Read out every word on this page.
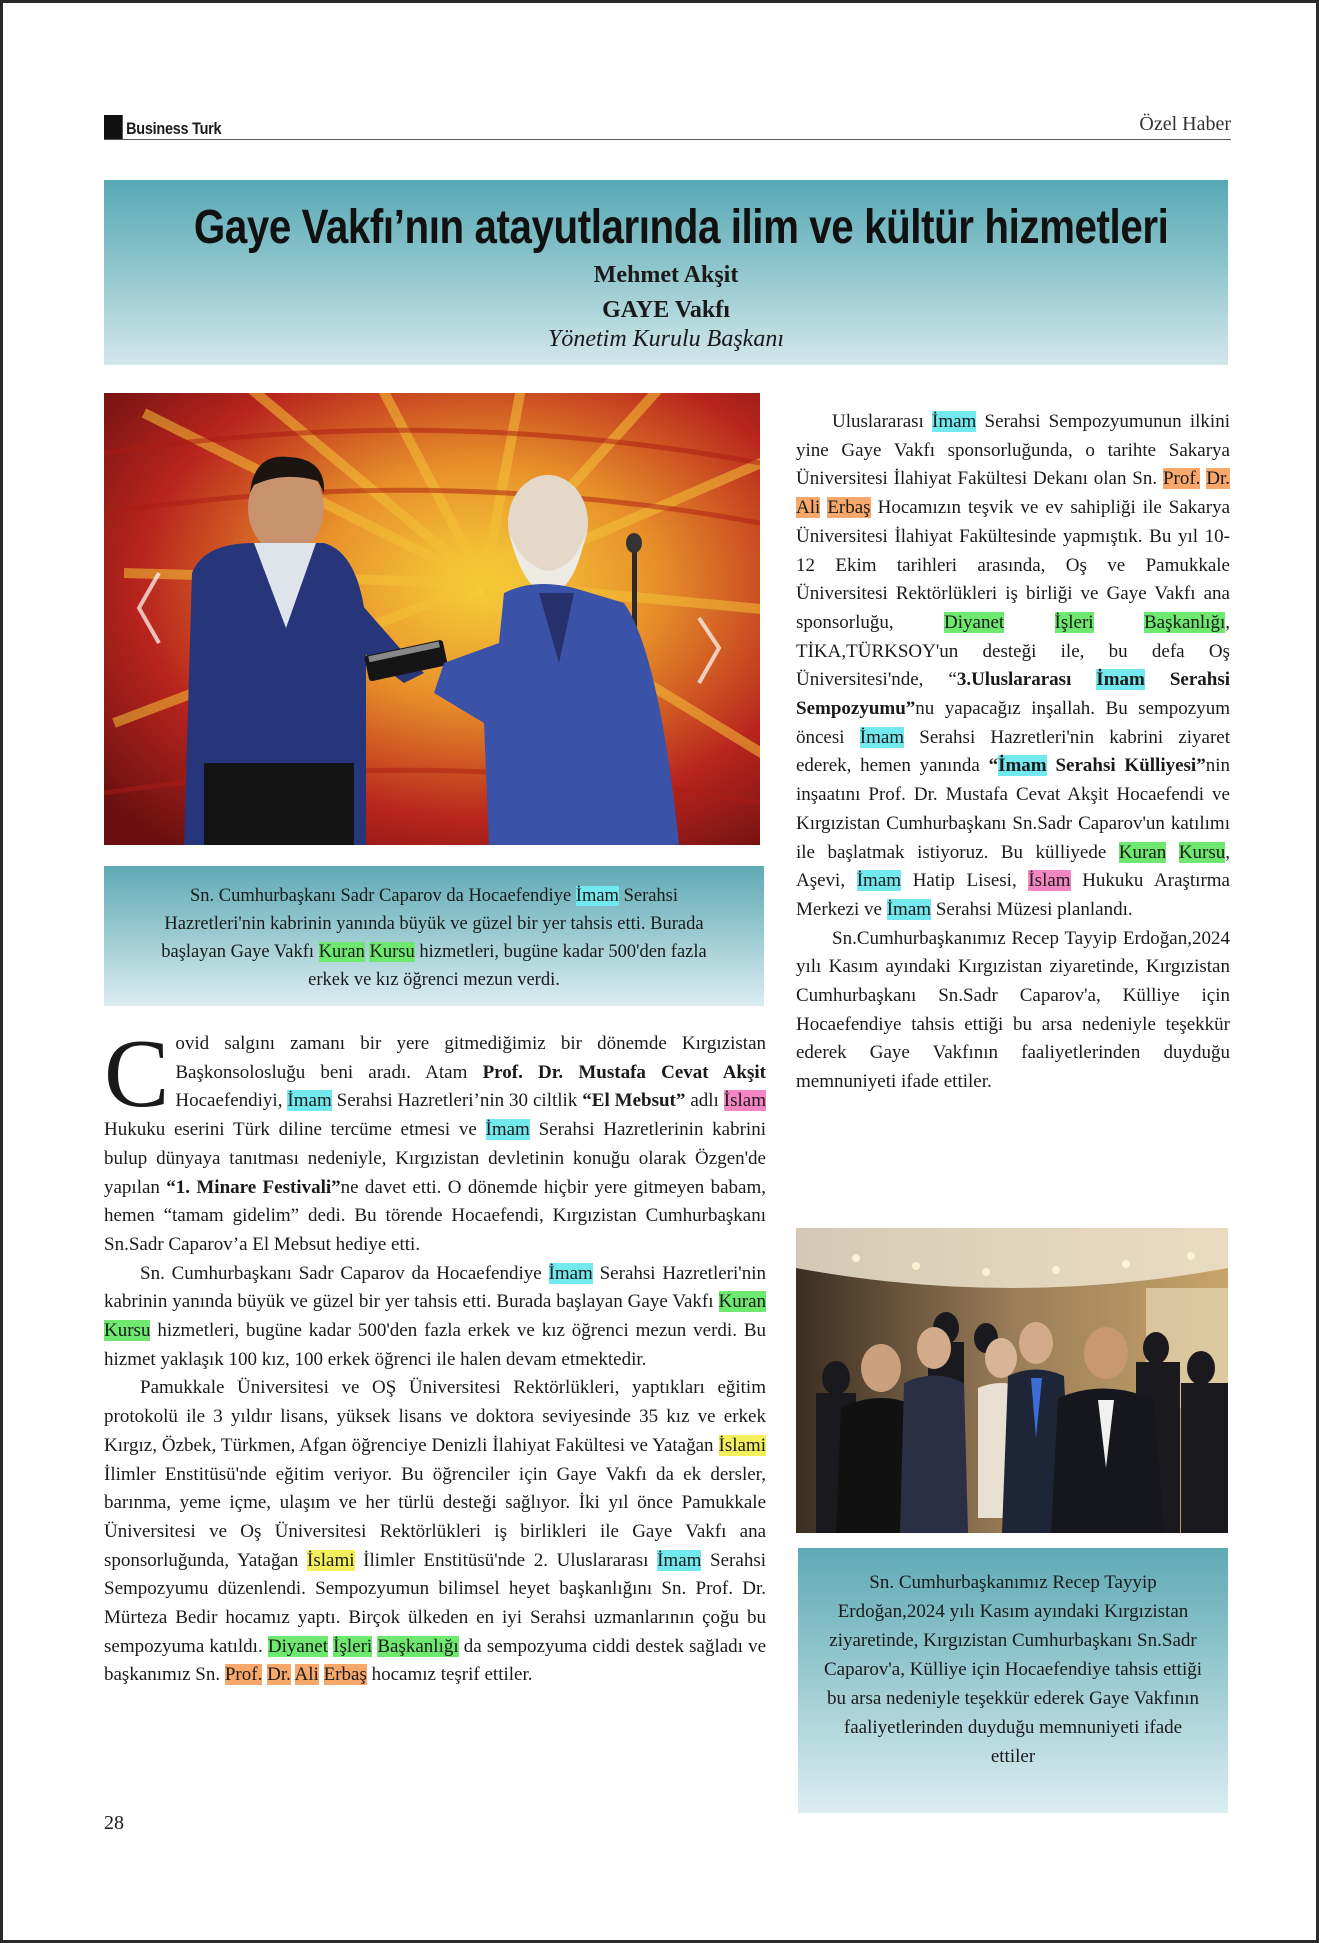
Business Turk	Özel Haber
Gaye Vakfı’nın atayutlarında ilim ve kültür hizmetleri
Mehmet Akşit
GAYE Vakfı
Yönetim Kurulu Başkanı
Sn. Cumhurbaşkanı Sadr Caparov da Hocaefendiye İmam Serahsi Hazretleri'nin kabrinin yanında büyük ve güzel bir yer tahsis etti. Burada başlayan Gaye Vakfı Kuran Kursu hizmetleri, bugüne kadar 500'den fazla erkek ve kız öğrenci mezun verdi.

Covid salgını zamanı bir yere gitmediğimiz bir dönemde Kırgızistan Başkonsolosluğu beni aradı. Atam Prof. Dr. Mustafa Cevat Akşit Hocaefendiyi, İmam Serahsi Hazretleri’nin 30 ciltlik “El Mebsut” adlı İslam Hukuku eserini Türk diline tercüme etmesi ve İmam Serahsi Hazretlerinin kabrini bulup dünyaya tanıtması nedeniyle, Kırgızistan devletinin konuğu olarak Özgen'de yapılan “1. Minare Festivali”ne davet etti. O dönemde hiçbir yere gitmeyen babam, hemen “tamam gidelim” dedi. Bu törende Hocaefendi, Kırgızistan Cumhurbaşkanı Sn.Sadr Caparov’a El Mebsut hediye etti.

Sn. Cumhurbaşkanı Sadr Caparov da Hocaefendiye İmam Serahsi Hazretleri'nin kabrinin yanında büyük ve güzel bir yer tahsis etti. Burada başlayan Gaye Vakfı Kuran Kursu hizmetleri, bugüne kadar 500'den fazla erkek ve kız öğrenci mezun verdi. Bu hizmet yaklaşık 100 kız, 100 erkek öğrenci ile halen devam etmektedir.

Pamukkale Üniversitesi ve OŞ Üniversitesi Rektörlükleri, yaptıkları eğitim protokolü ile 3 yıldır lisans, yüksek lisans ve doktora seviyesinde 35 kız ve erkek Kırgız, Özbek, Türkmen, Afgan öğrenciye Denizli İlahiyat Fakültesi ve Yatağan İslami İlimler Enstitüsü'nde eğitim veriyor. Bu öğrenciler için Gaye Vakfı da ek dersler, barınma, yeme içme, ulaşım ve her türlü desteği sağlıyor. İki yıl önce Pamukkale Üniversitesi ve Oş Üniversitesi Rektörlükleri iş birlikleri ile Gaye Vakfı ana sponsorluğunda, Yatağan İslami İlimler Enstitüsü'nde 2. Uluslararası İmam Serahsi Sempozyumu düzenlendi. Sempozyumun bilimsel heyet başkanlığını Sn. Prof. Dr. Mürteza Bedir hocamız yaptı. Birçok ülkeden en iyi Serahsi uzmanlarının çoğu bu sempozyuma katıldı. Diyanet İşleri Başkanlığı da sempozyuma ciddi destek sağladı ve başkanımız Sn. Prof. Dr. Ali Erbaş hocamız teşrif ettiler.

Uluslararası İmam Serahsi Sempozyumunun ilkini yine Gaye Vakfı sponsorluğunda, o tarihte Sakarya Üniversitesi İlahiyat Fakültesi Dekanı olan Sn. Prof. Dr. Ali Erbaş Hocamızın teşvik ve ev sahipliği ile Sakarya Üniversitesi İlahiyat Fakültesinde yapmıştık. Bu yıl 10-12 Ekim tarihleri arasında, Oş ve Pamukkale Üniversitesi Rektörlükleri iş birliği ve Gaye Vakfı ana sponsorluğu, Diyanet	İşleri	Başkanlığı, TİKA,TÜRKSOY'un desteği ile, bu defa Oş Üniversitesi'nde, “3.Uluslararası İmam Serahsi Sempozyumu”nu yapacağız inşallah. Bu sempozyum öncesi İmam Serahsi Hazretleri'nin kabrini ziyaret ederek, hemen yanında “İmam Serahsi Külliyesi”nin inşaatını Prof. Dr. Mustafa Cevat Akşit Hocaefendi ve Kırgızistan Cumhurbaşkanı Sn.Sadr Caparov'un katılımı ile başlatmak istiyoruz. Bu külliyede Kuran Kursu, Aşevi, İmam Hatip Lisesi, İslam Hukuku Araştırma Merkezi ve İmam Serahsi Müzesi planlandı.

Sn.Cumhurbaşkanımız Recep Tayyip Erdoğan,2024 yılı Kasım ayındaki Kırgızistan ziyaretinde, Kırgızistan Cumhurbaşkanı Sn.Sadr Caparov'a, Külliye için Hocaefendiye tahsis ettiği bu arsa nedeniyle teşekkür ederek Gaye Vakfının faaliyetlerinden duyduğu memnuniyeti ifade ettiler.

Sn. Cumhurbaşkanımız Recep Tayyip Erdoğan,2024 yılı Kasım ayındaki Kırgızistan ziyaretinde, Kırgızistan Cumhurbaşkanı Sn.Sadr Caparov'a, Külliye için Hocaefendiye tahsis ettiği bu arsa nedeniyle teşekkür ederek Gaye Vakfının faaliyetlerinden duyduğu memnuniyeti ifade ettiler
28
